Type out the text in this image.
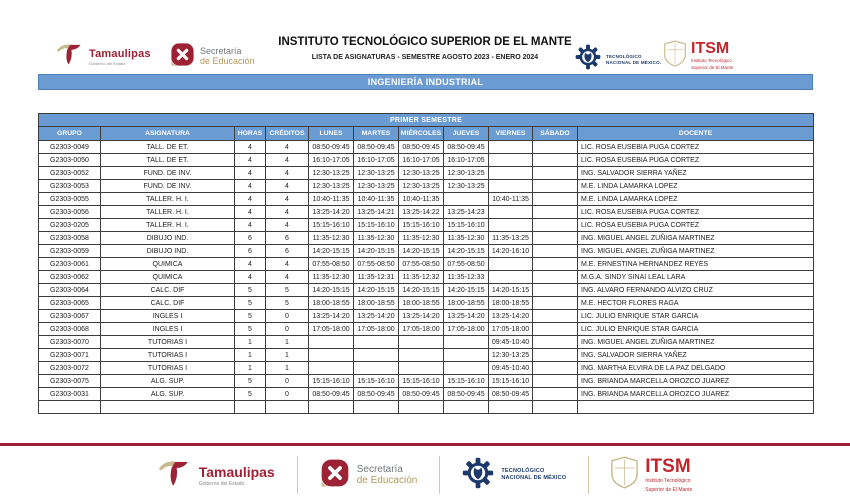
Tamaulipas
Gobierno del Estado
Secretaría
de Educación
INSTITUTO TECNOLÓGICO SUPERIOR DE EL MANTE
LISTA DE ASIGNATURAS - SEMESTRE AGOSTO 2023 - ENERO 2024	TECNOLÓGICO
NACIONAL DE MÉXICO.
ITSM
Instituto Tecnológico
Superior de El Mante
INGENIERÍA INDUSTRIAL
PRIMER SEMESTRE										
GRUPO	ASIGNATURA	HORAS	CRÉDITOS	LUNES	MARTES	MIÉRCOLES	JUEVES	VIERNES	SÁBADO	DOCENTE
G2303-0049	TALL. DE ET.	4	4	08:50-09:45	08:50-09:45	08:50-09:45	08:50-09:45			LIC. ROSA EUSEBIA PUGA CORTEZ
G2303-0050	TALL. DE ET.	4	4	16:10-17:05	16:10-17:05	16:10-17:05	16:10-17:05			LIC. ROSA EUSEBIA PUGA CORTEZ
G2303-0052	FUND. DE INV.	4	4	12:30-13:25	12:30-13:25	12:30-13:25	12:30-13:25			ING. SALVADOR SIERRA YAÑEZ
G2303-0053	FUND. DE INV.	4	4	12:30-13:25	12:30-13:25	12:30-13:25	12:30-13:25			M.E. LINDA LAMARKA LOPEZ
G2303-0055	TALLER. H. I.	4	4	10:40-11:35	10:40-11:35	10:40-11:35		10:40-11:35		M.E. LINDA LAMARKA LOPEZ
G2303-0056	TALLER. H. I.	4	4	13:25-14:20	13:25-14:21	13:25-14:22	13:25-14:23			LIC. ROSA EUSEBIA PUGA CORTEZ
G2303-0205	TALLER. H. I.	4	4	15:15-16:10	15:15-16:10	15:15-16:10	15:15-16:10			LIC. ROSA EUSEBIA PUGA CORTEZ
G2303-0058	DIBUJO IND.	6	6	11:35-12:30	11:35-12:30	11:35-12:30	11:35-12:30	11:35-13:25		ING. MIGUEL ANGEL ZUÑIGA MARTINEZ
G2303-0059	DIBUJO IND.	6	6	14:20-15:15	14:20-15:15	14:20-15:15	14:20-15:15	14:20-16:10		ING. MIGUEL ANGEL ZUÑIGA MARTINEZ
G2303-0061	QUIMICA	4	4	07:55-08:50	07:55-08:50	07:55-08:50	07:55-08:50			M.E. ERNESTINA HERNANDEZ REYES
G2303-0062	QUIMICA	4	4	11:35-12:30	11:35-12:31	11:35-12:32	11:35-12:33			M.G.A. SINDY SINAI LEAL LARA
G2303-0064	CALC. DIF	5	5	14:20-15:15	14:20-15:15	14:20-15:15	14:20-15:15	14:20-15:15		ING. ALVARO FERNANDO ALVIZO CRUZ
G2303-0065	CALC. DIF	5	5	18:00-18:55	18:00-18:55	18:00-18:55	18:00-18:55	18:00-18:55		M.E. HECTOR FLORES RAGA
G2303-0067	INGLES I	5	0	13:25-14:20	13:25-14:20	13:25-14:20	13:25-14:20	13:25-14:20		LIC. JULIO ENRIQUE STAR GARCIA
G2303-0068	INGLES I	5	0	17:05-18:00	17:05-18:00	17:05-18:00	17:05-18:00	17:05-18:00		LIC. JULIO ENRIQUE STAR GARCIA
G2303-0070	TUTORIAS I	1	1					09:45-10:40		ING. MIGUEL ANGEL ZUÑIGA MARTINEZ
G2303-0071	TUTORIAS I	1	1					12:30-13:25		ING. SALVADOR SIERRA YAÑEZ
G2303-0072	TUTORIAS I	1	1					09:45-10:40		ING. MARTHA ELVIRA DE LA PAZ DELGADO
G2303-0075	ALG. SUP.	5	0	15:15-16:10	15:15-16:10	15:15-16:10	15:15-16:10	15:15-16:10		ING. BRIANDA MARCELLA OROZCO JUAREZ
G2303-0031	ALG. SUP.	5	0	08:50-09:45	08:50-09:45	08:50-09:45	08:50-09:45	08:50-09:45		ING. BRIANDA MARCELLA OROZCO JUAREZ

Tamaulipas
Gobierno del Estado
Secretaría
de Educación
TECNOLÓGICO
NACIONAL DE MÉXICO
ITSM
Instituto Tecnológico
Superior de El Mante
